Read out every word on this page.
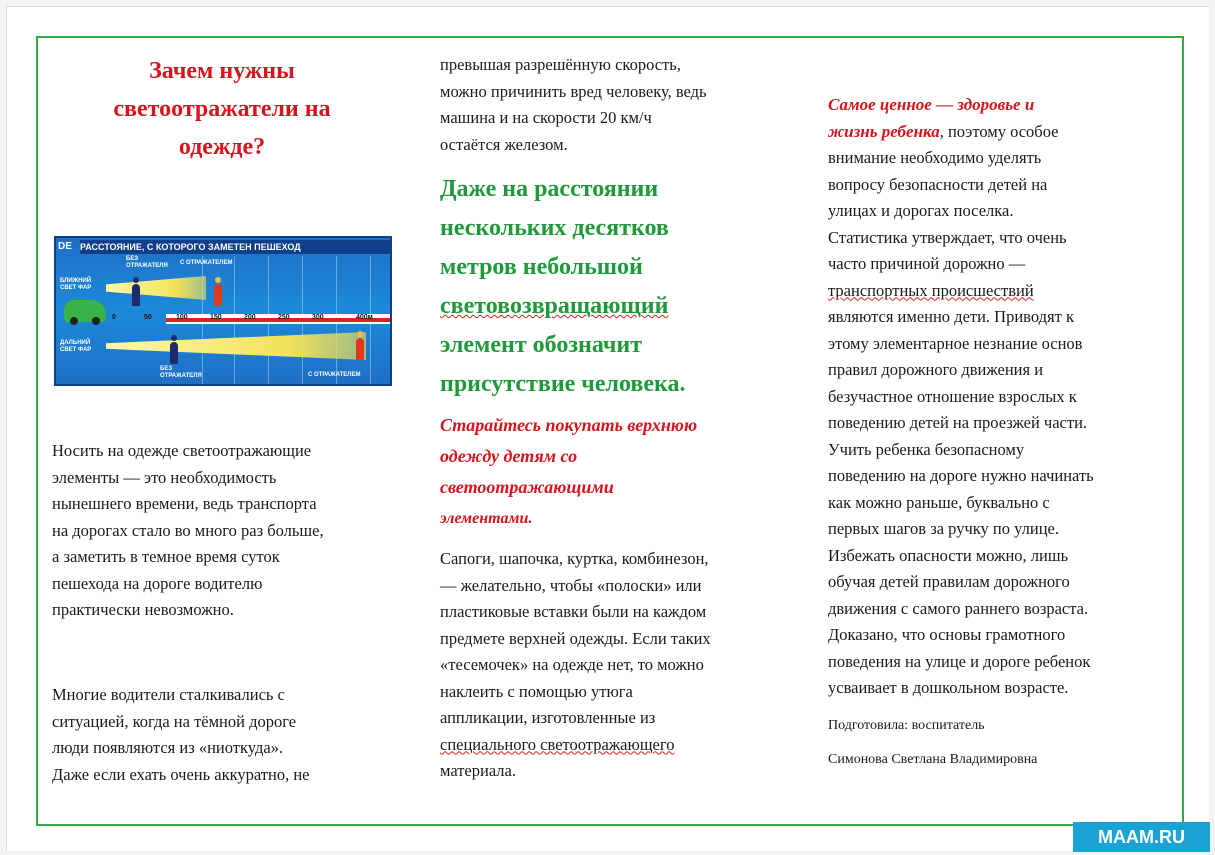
Зачем нужны
светоотражатели на
одежде?
DE РАССТОЯНИЕ, С КОТОРОГО ЗАМЕТЕН ПЕШЕХОД
БЕЗ
ОТРАЖАТЕЛЯ С ОТРАЖАТЕЛЕМ
БЛИЖНИЙ
СВЕТ ФАР
0	50	100	150	200	250	300	400м
ДАЛЬНИЙ
СВЕТ ФАР
БЕЗ
ОТРАЖАТЕЛЯ	С ОТРАЖАТЕЛЕМ
Носить на одежде светоотражающие
элементы — это необходимость
нынешнего времени, ведь транспорта
на дорогах стало во много раз больше,
а заметить в темное время суток
пешехода на дороге водителю
практически невозможно.
Многие водители сталкивались с
ситуацией, когда на тёмной дороге
люди появляются из «ниоткуда».
Даже если ехать очень аккуратно, не
превышая разрешённую скорость,
можно причинить вред человеку, ведь
машина и на скорости 20 км/ч
остаётся железом.
Даже на расстоянии
нескольких десятков
метров небольшой
световозвращающий
элемент обозначит
присутствие человека.
Старайтесь покупать верхнюю
одежду детям со
светоотражающими
элементами.
Сапоги, шапочка, куртка, комбинезон,
— желательно, чтобы «полоски» или
пластиковые вставки были на каждом
предмете верхней одежды. Если таких
«тесемочек» на одежде нет, то можно
наклеить с помощью утюга
аппликации, изготовленные из
специального светоотражающего
материала.
Самое ценное — здоровье и
жизнь ребенка, поэтому особое
внимание необходимо уделять
вопросу безопасности детей на
улицах и дорогах поселка.
Статистика утверждает, что очень
часто причиной дорожно —
транспортных происшествий
являются именно дети. Приводят к
этому элементарное незнание основ
правил дорожного движения и
безучастное отношение взрослых к
поведению детей на проезжей части.
Учить ребенка безопасному
поведению на дороге нужно начинать
как можно раньше, буквально с
первых шагов за ручку по улице.
Избежать опасности можно, лишь
обучая детей правилам дорожного
движения с самого раннего возраста.
Доказано, что основы грамотного
поведения на улице и дороге ребенок
усваивает в дошкольном возрасте.
Подготовила: воспитатель
Симонова Светлана Владимировна
MAAM.RU
